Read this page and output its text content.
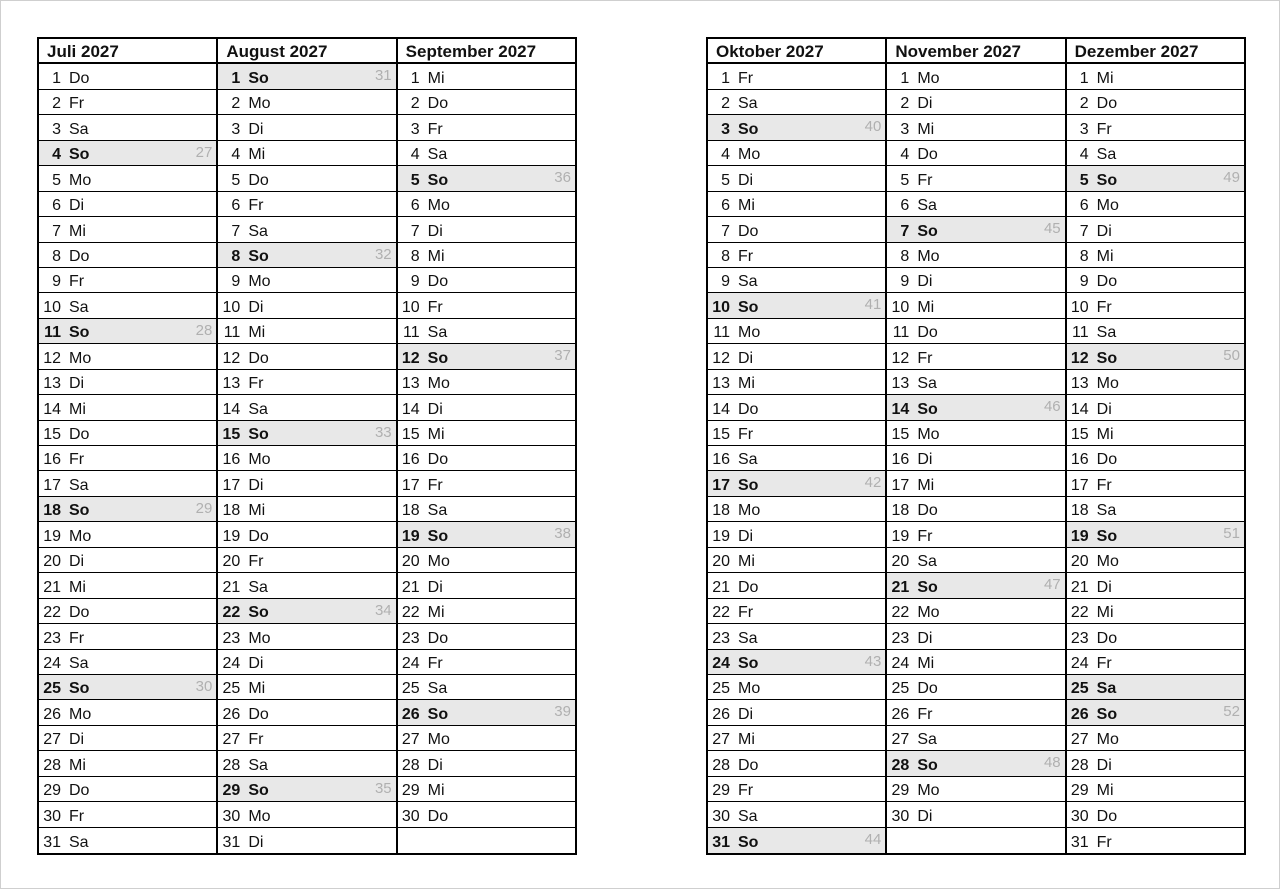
Juli 2027
1 Do
2 Fr
3 Sa
4 So	27
5 Mo
6 Di
7 Mi
8 Do
9 Fr
10 Sa
11 So	28
12 Mo
13 Di
14 Mi
15 Do
16 Fr
17 Sa
18 So	29
19 Mo
20 Di
21 Mi
22 Do
23 Fr
24 Sa
25 So	30
26 Mo
27 Di
28 Mi
29 Do
30 Fr
31 Sa
August 2027
1 So	31
2 Mo
3 Di
4 Mi
5 Do
6 Fr
7 Sa
8 So	32
9 Mo
10 Di
11 Mi
12 Do
13 Fr
14 Sa
15 So	33
16 Mo
17 Di
18 Mi
19 Do
20 Fr
21 Sa
22 So	34
23 Mo
24 Di
25 Mi
26 Do
27 Fr
28 Sa
29 So	35
30 Mo
31 Di
September 2027
1 Mi
2 Do
3 Fr
4 Sa
5 So	36
6 Mo
7 Di
8 Mi
9 Do
10 Fr
11 Sa
12 So	37
13 Mo
14 Di
15 Mi
16 Do
17 Fr
18 Sa
19 So	38
20 Mo
21 Di
22 Mi
23 Do
24 Fr
25 Sa
26 So	39
27 Mo
28 Di
29 Mi
30 Do
Oktober 2027
1 Fr
2 Sa
3 So	40
4 Mo
5 Di
6 Mi
7 Do
8 Fr
9 Sa
10 So	41
11 Mo
12 Di
13 Mi
14 Do
15 Fr
16 Sa
17 So	42
18 Mo
19 Di
20 Mi
21 Do
22 Fr
23 Sa
24 So	43
25 Mo
26 Di
27 Mi
28 Do
29 Fr
30 Sa
31 So	44
November 2027
1 Mo
2 Di
3 Mi
4 Do
5 Fr
6 Sa
7 So	45
8 Mo
9 Di
10 Mi
11 Do
12 Fr
13 Sa
14 So	46
15 Mo
16 Di
17 Mi
18 Do
19 Fr
20 Sa
21 So	47
22 Mo
23 Di
24 Mi
25 Do
26 Fr
27 Sa
28 So	48
29 Mo
30 Di
Dezember 2027
1 Mi
2 Do
3 Fr
4 Sa
5 So	49
6 Mo
7 Di
8 Mi
9 Do
10 Fr
11 Sa
12 So	50
13 Mo
14 Di
15 Mi
16 Do
17 Fr
18 Sa
19 So	51
20 Mo
21 Di
22 Mi
23 Do
24 Fr
25 Sa
26 So	52
27 Mo
28 Di
29 Mi
30 Do
31 Fr
